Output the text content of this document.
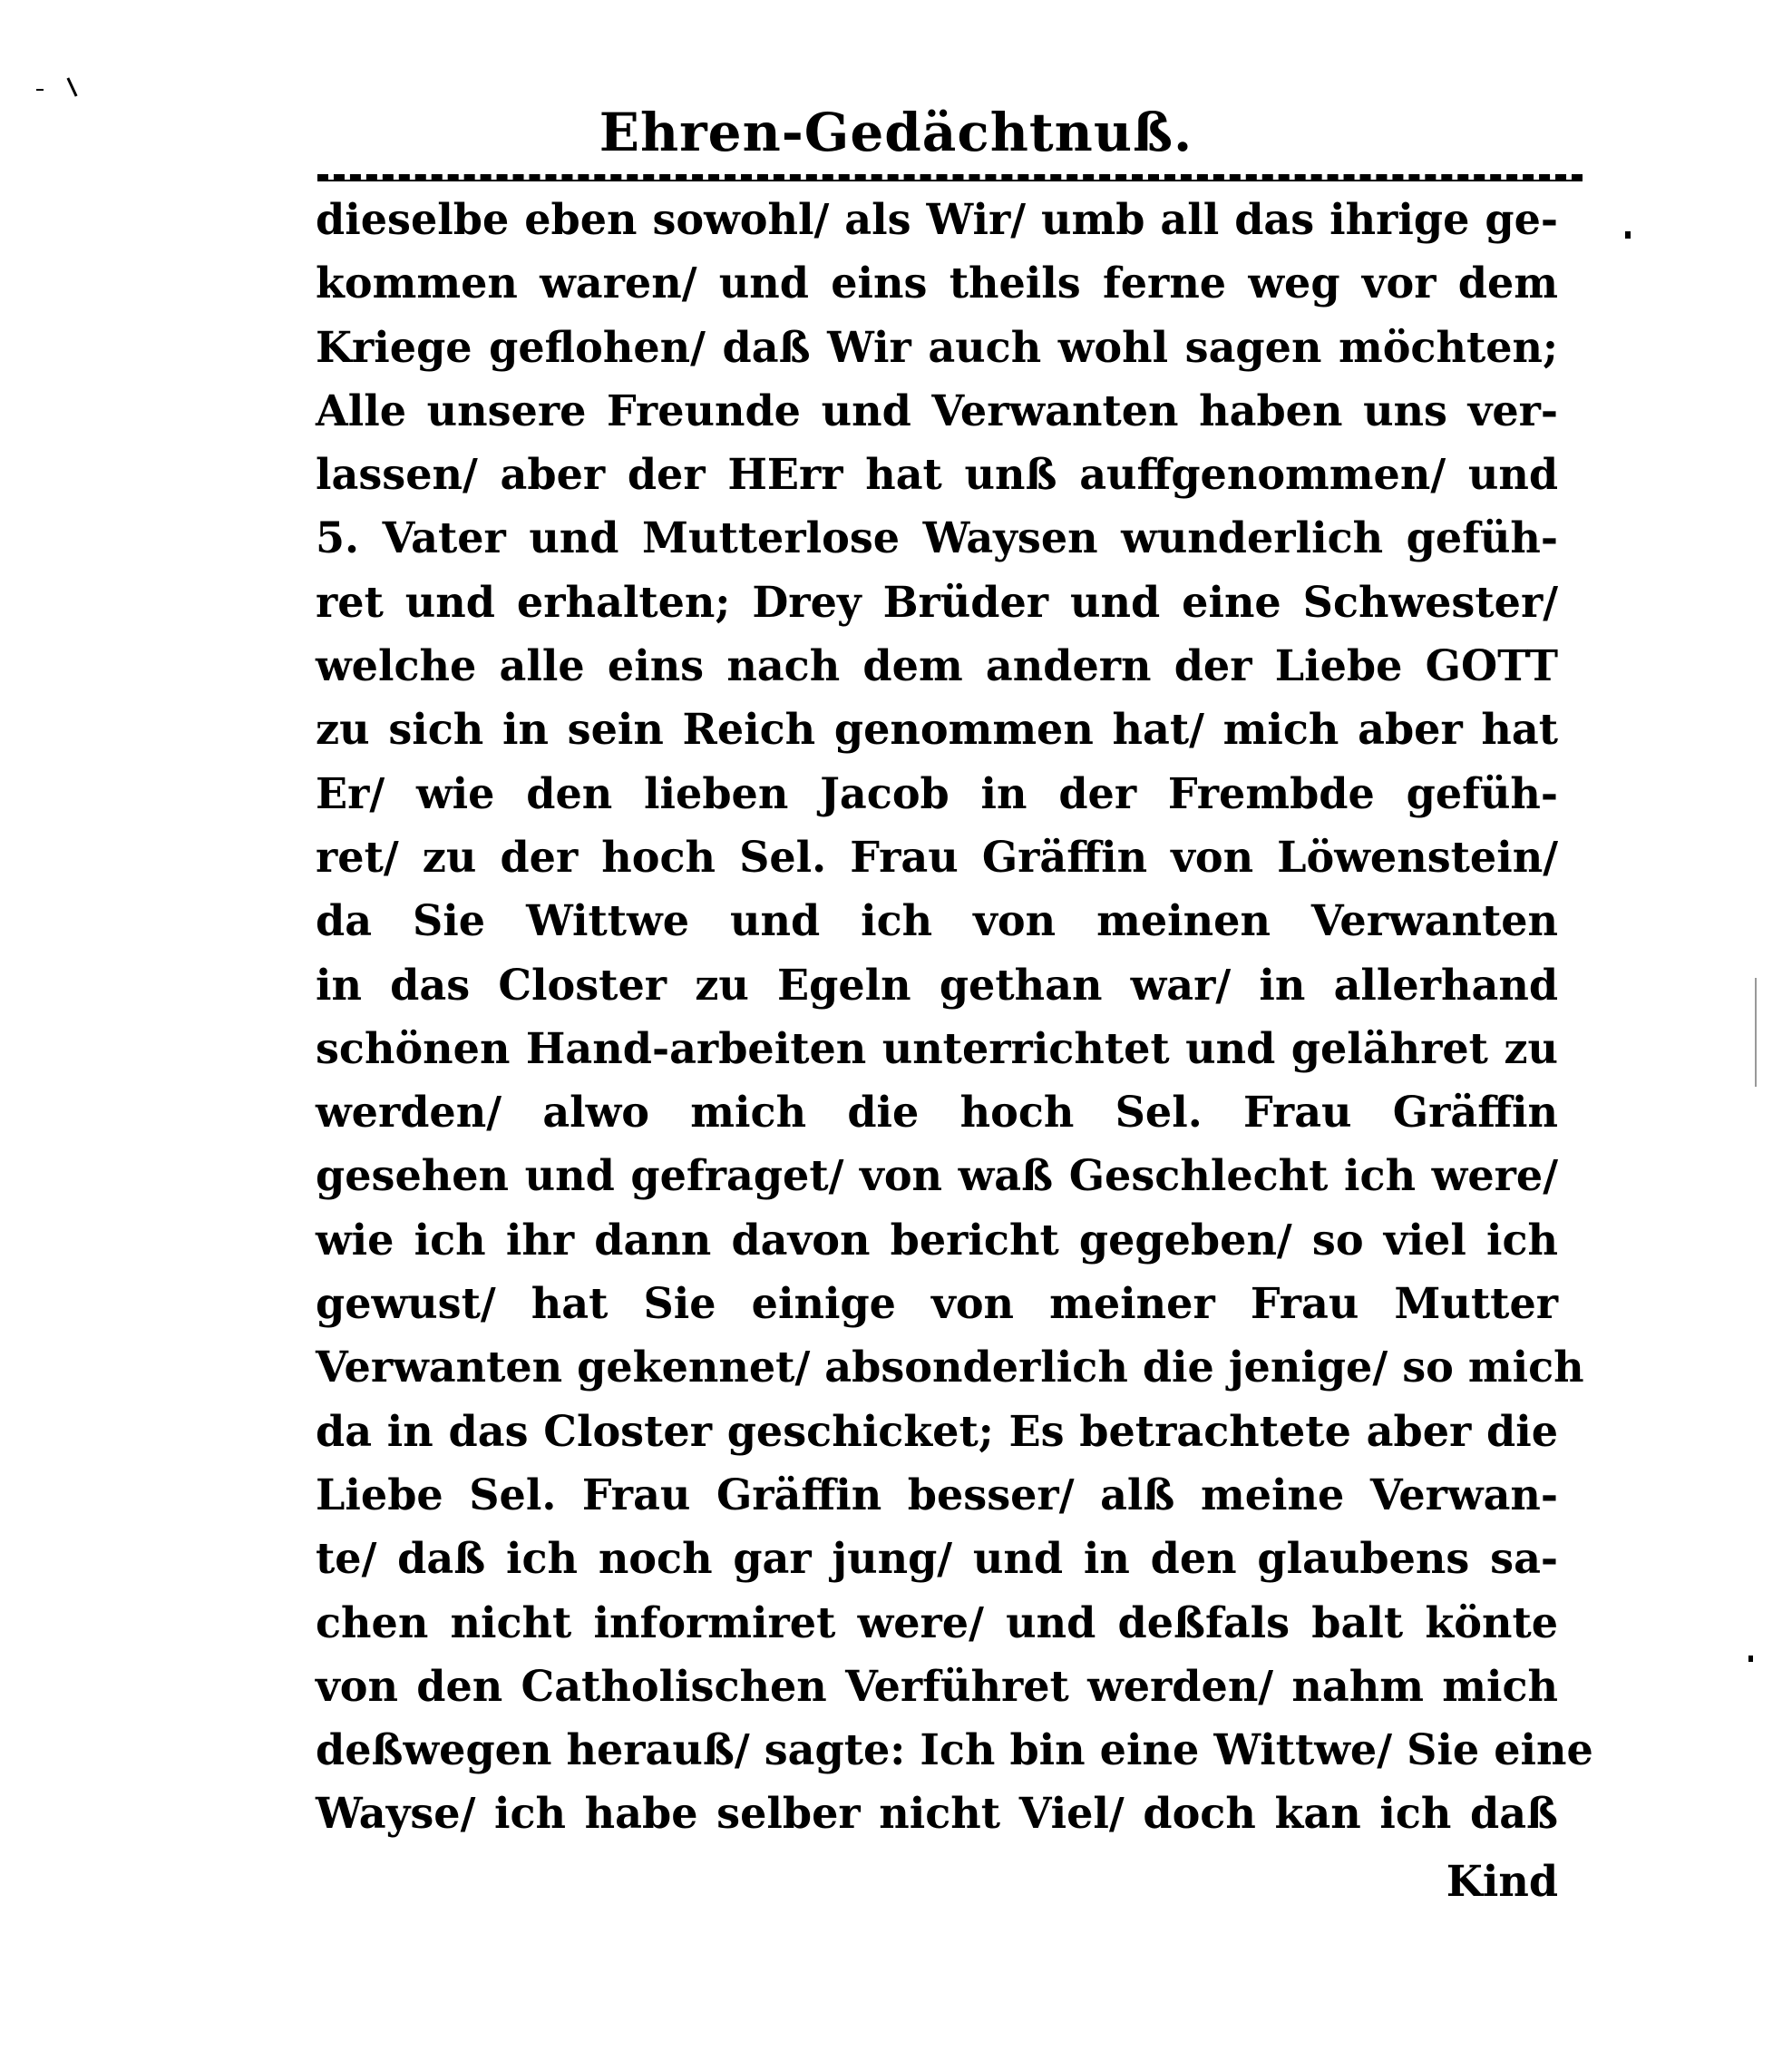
Ehren-Gedächtnuß.
dieselbe eben sowohl/ als Wir/ umb all das ihrige ge-
kommen waren/ und eins theils ferne weg vor dem
Kriege geflohen/ daß Wir auch wohl sagen möchten;
Alle unsere Freunde und Verwanten haben uns ver-
lassen/ aber der HErr hat unß auffgenommen/ und
5. Vater und Mutterlose Waysen wunderlich gefüh-
ret und erhalten; Drey Brüder und eine Schwester/
welche alle eins nach dem andern der Liebe GOTT
zu sich in sein Reich genommen hat/ mich aber hat
Er/ wie den lieben Jacob in der Frembde gefüh-
ret/ zu der hoch Sel. Frau Gräffin von Löwenstein/
da Sie Wittwe und ich von meinen Verwanten
in das Closter zu Egeln gethan war/ in allerhand
schönen Hand-arbeiten unterrichtet und gelähret zu
werden/ alwo mich die hoch Sel. Frau Gräffin
gesehen und gefraget/ von waß Geschlecht ich were/
wie ich ihr dann davon bericht gegeben/ so viel ich
gewust/ hat Sie einige von meiner Frau Mutter
Verwanten gekennet/ absonderlich die jenige/ so mich
da in das Closter geschicket; Es betrachtete aber die
Liebe Sel. Frau Gräffin besser/ alß meine Verwan-
te/ daß ich noch gar jung/ und in den glaubens sa-
chen nicht informiret were/ und deßfals balt könte
von den Catholischen Verführet werden/ nahm mich
deßwegen herauß/ sagte: Ich bin eine Wittwe/ Sie eine
Wayse/ ich habe selber nicht Viel/ doch kan ich daß
Kind
